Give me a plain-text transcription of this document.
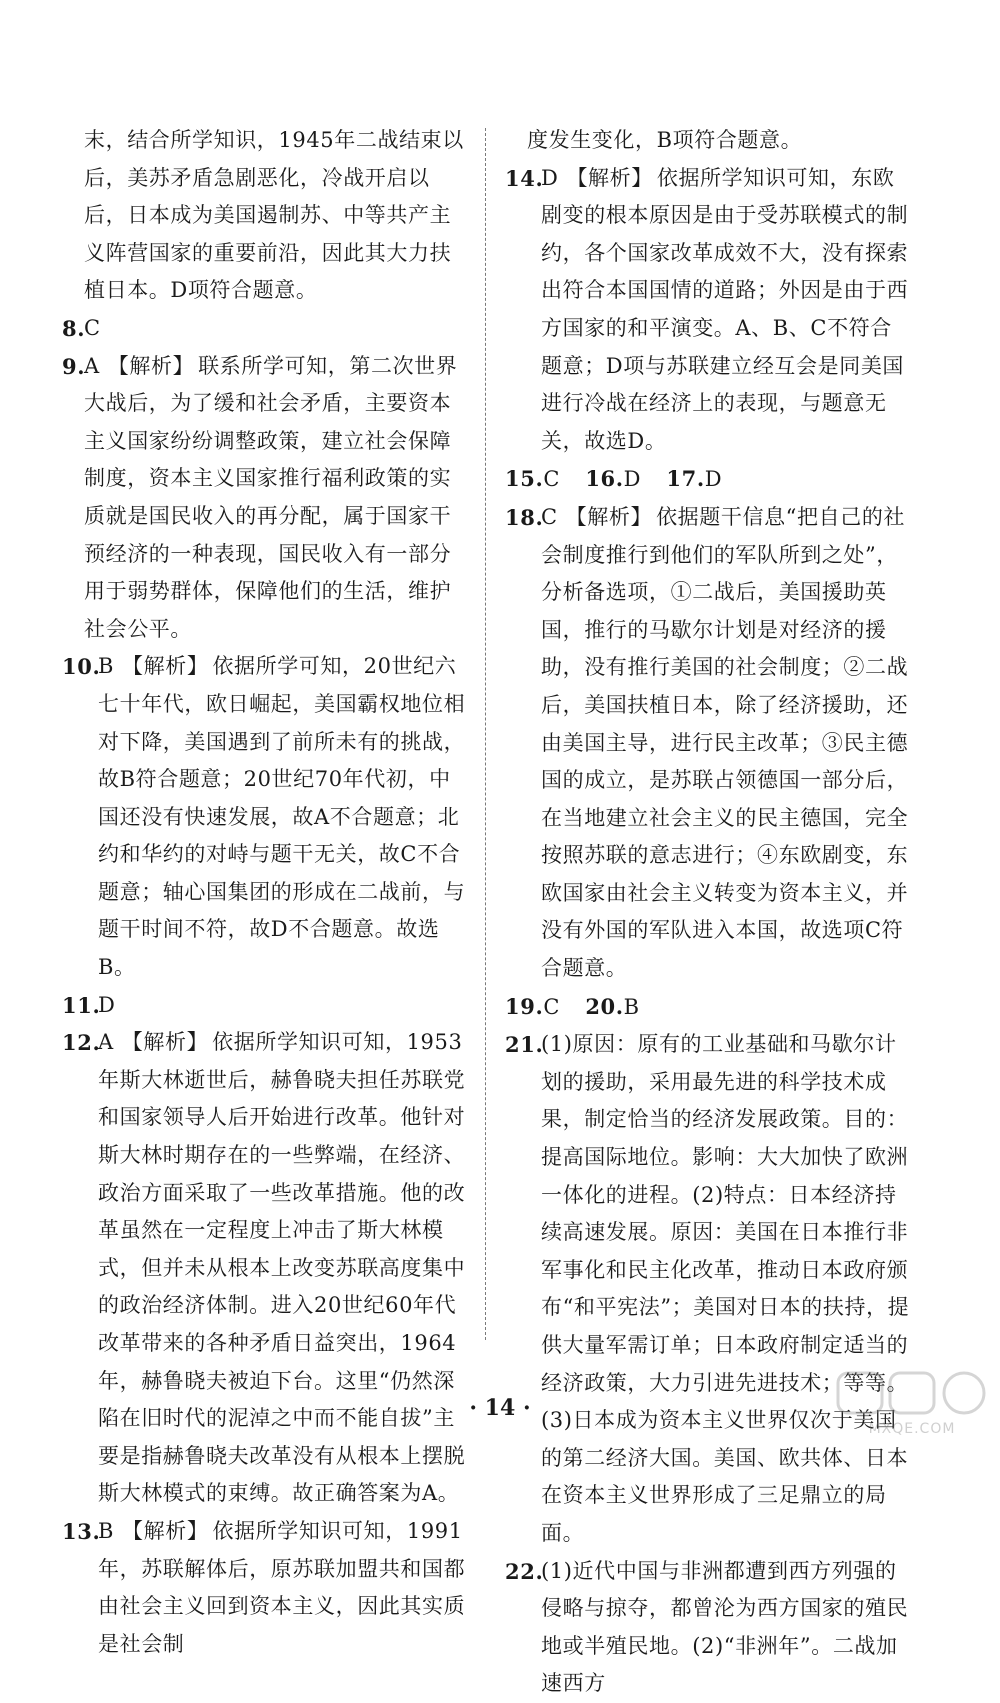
末，结合所学知识，1945年二战结束以后，美苏矛盾急剧恶化，冷战开启以后，日本成为美国遏制苏、中等共产主义阵营国家的重要前沿，因此其大力扶植日本。D项符合题意。
8 . C
9 . A 【解析】 联系所学可知，第二次世界大战后，为了缓和社会矛盾，主要资本主义国家纷纷调整政策，建立社会保障制度，资本主义国家推行福利政策的实质就是国民收入的再分配，属于国家干预经济的一种表现，国民收入有一部分用于弱势群体，保障他们的生活，维护社会公平。
10 . B 【解析】 依据所学可知，20世纪六七十年代，欧日崛起，美国霸权地位相对下降，美国遇到了前所未有的挑战，故B符合题意；20世纪70年代初，中国还没有快速发展，故A不合题意；北约和华约的对峙与题干无关，故C不合题意；轴心国集团的形成在二战前，与题干时间不符，故D不合题意。故选B。
11 . D
12 . A 【解析】 依据所学知识可知，1953年斯大林逝世后，赫鲁晓夫担任苏联党和国家领导人后开始进行改革。他针对斯大林时期存在的一些弊端，在经济、政治方面采取了一些改革措施。他的改革虽然在一定程度上冲击了斯大林模式，但并未从根本上改变苏联高度集中的政治经济体制。进入20世纪60年代改革带来的各种矛盾日益突出，1964年，赫鲁晓夫被迫下台。这里“仍然深陷在旧时代的泥淖之中而不能自拔”主要是指赫鲁晓夫改革没有从根本上摆脱斯大林模式的束缚。故正确答案为A。
13 . B 【解析】 依据所学知识可知，1991年，苏联解体后，原苏联加盟共和国都由社会主义回到资本主义，因此其实质是社会制
度发生变化，B项符合题意。
14 . D 【解析】 依据所学知识可知，东欧剧变的根本原因是由于受苏联模式的制约，各个国家改革成效不大，没有探索出符合本国国情的道路；外因是由于西方国家的和平演变。A、B、C不符合题意；D项与苏联建立经互会是同美国进行冷战在经济上的表现，与题意无关，故选D。
15 . C 16 . D 17 . D
18 . C 【解析】 依据题干信息“把自己的社会制度推行到他们的军队所到之处”，分析备选项，①二战后，美国援助英国，推行的马歇尔计划是对经济的援助，没有推行美国的社会制度；②二战后，美国扶植日本，除了经济援助，还由美国主导，进行民主改革；③民主德国的成立，是苏联占领德国一部分后，在当地建立社会主义的民主德国，完全按照苏联的意志进行；④东欧剧变，东欧国家由社会主义转变为资本主义，并没有外国的军队进入本国，故选项C符合题意。
19 . C 20 . B
21 . (1)原因：原有的工业基础和马歇尔计划的援助，采用最先进的科学技术成果，制定恰当的经济发展政策。目的：提高国际地位。影响：大大加快了欧洲一体化的进程。(2)特点：日本经济持续高速发展。原因：美国在日本推行非军事化和民主化改革，推动日本政府颁布“和平宪法”；美国对日本的扶持，提供大量军需订单；日本政府制定适当的经济政策，大力引进先进技术；等等。(3)日本成为资本主义世界仅次于美国的第二经济大国。美国、欧共体、日本在资本主义世界形成了三足鼎立的局面。
22 . (1)近代中国与非洲都遭到西方列强的侵略与掠夺，都曾沦为西方国家的殖民地或半殖民地。(2)“非洲年”。二战加速西方
· 14 ·
MXQE.COM
